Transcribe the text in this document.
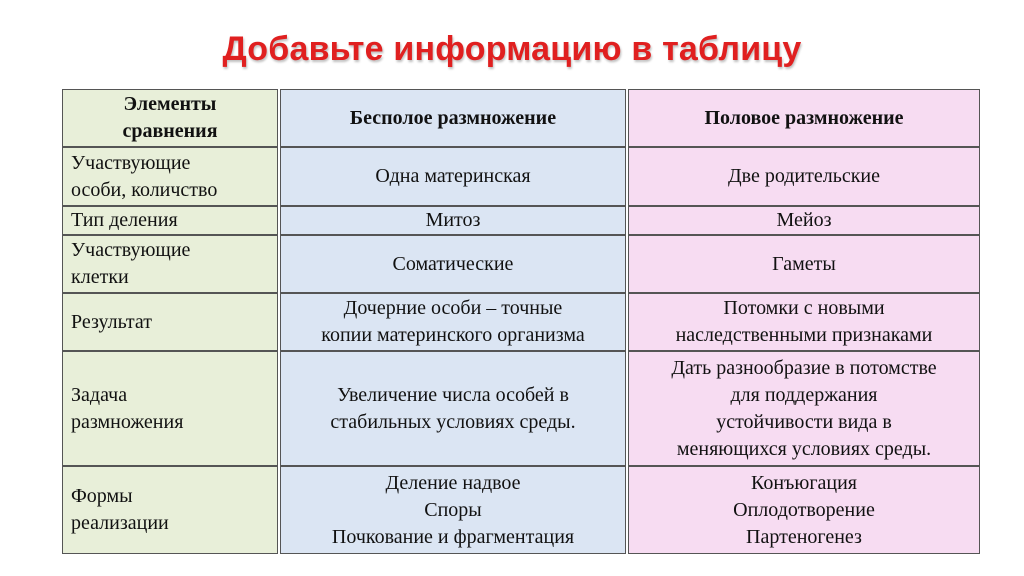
Добавьте информацию в таблицу
Элементы
сравнения
Участвующие
особи, количство
Тип деления
Участвующие
клетки
Результат
Задача
размножения
Формы
реализации
Бесполое размножение
Одна материнская
Митоз
Соматические
Дочерние особи – точные
копии материнского организма
Увеличение числа особей в
стабильных условиях среды.
Деление надвое
Споры
Почкование и фрагментация
Половое размножение
Две родительские
Мейоз
Гаметы
Потомки с новыми
наследственными признаками
Дать разнообразие в потомстве
для поддержания
устойчивости вида в
меняющихся условиях среды.
Конъюгация
Оплодотворение
Партеногенез
